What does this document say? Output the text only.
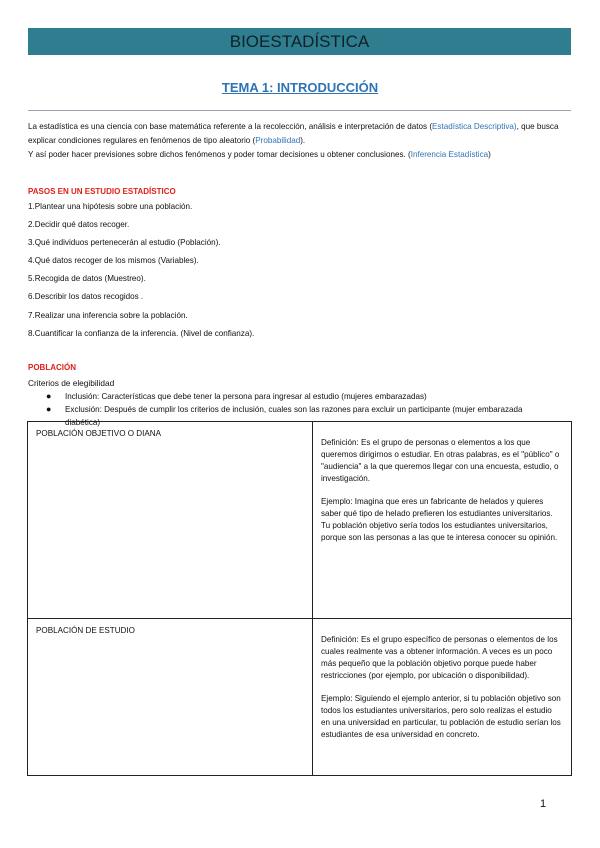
BIOESTADÍSTICA
TEMA 1: INTRODUCCIÓN
La estadística es una ciencia con base matemática referente a la recolección, análisis e interpretación de datos (Estadística Descriptiva), que busca explicar condiciones regulares en fenómenos de tipo aleatorio (Probabilidad).
Y así poder hacer previsiones sobre dichos fenómenos y poder tomar decisiones u obtener conclusiones. (Inferencia Estadística)
PASOS EN UN ESTUDIO ESTADÍSTICO
1.Plantear una hipótesis sobre una población.
2.Decidir qué datos recoger.
3.Qué individuos pertenecerán al estudio (Población).
4.Qué datos recoger de los mismos (Variables).
5.Recogida de datos (Muestreo).
6.Describir los datos recogidos .
7.Realizar una inferencia sobre la población.
8.Cuantificar la confianza de la inferencia. (Nivel de confianza).
POBLACIÓN
Criterios de elegibilidad
● Inclusión: Características que debe tener la persona para ingresar al estudio (mujeres embarazadas)
● Exclusión: Después de cumplir los criterios de inclusión, cuales son las razones para excluir un participante (mujer embarazada diabética)
POBLACIÓN OBJETIVO O DIANA	Definición: Es el grupo de personas o elementos a los que queremos dirigirnos o estudiar. En otras palabras, es el "público" o "audiencia" a la que queremos llegar con una encuesta, estudio, o investigación.

Ejemplo: Imagina que eres un fabricante de helados y quieres saber qué tipo de helado prefieren los estudiantes universitarios. Tu población objetivo sería todos los estudiantes universitarios, porque son las personas a las que te interesa conocer su opinión.

POBLACIÓN DE ESTUDIO	Definición: Es el grupo específico de personas o elementos de los cuales realmente vas a obtener información. A veces es un poco más pequeño que la población objetivo porque puede haber restricciones (por ejemplo, por ubicación o disponibilidad).

Ejemplo: Siguiendo el ejemplo anterior, si tu población objetivo son todos los estudiantes universitarios, pero solo realizas el estudio en una universidad en particular, tu población de estudio serían los estudiantes de esa universidad en concreto.

1
